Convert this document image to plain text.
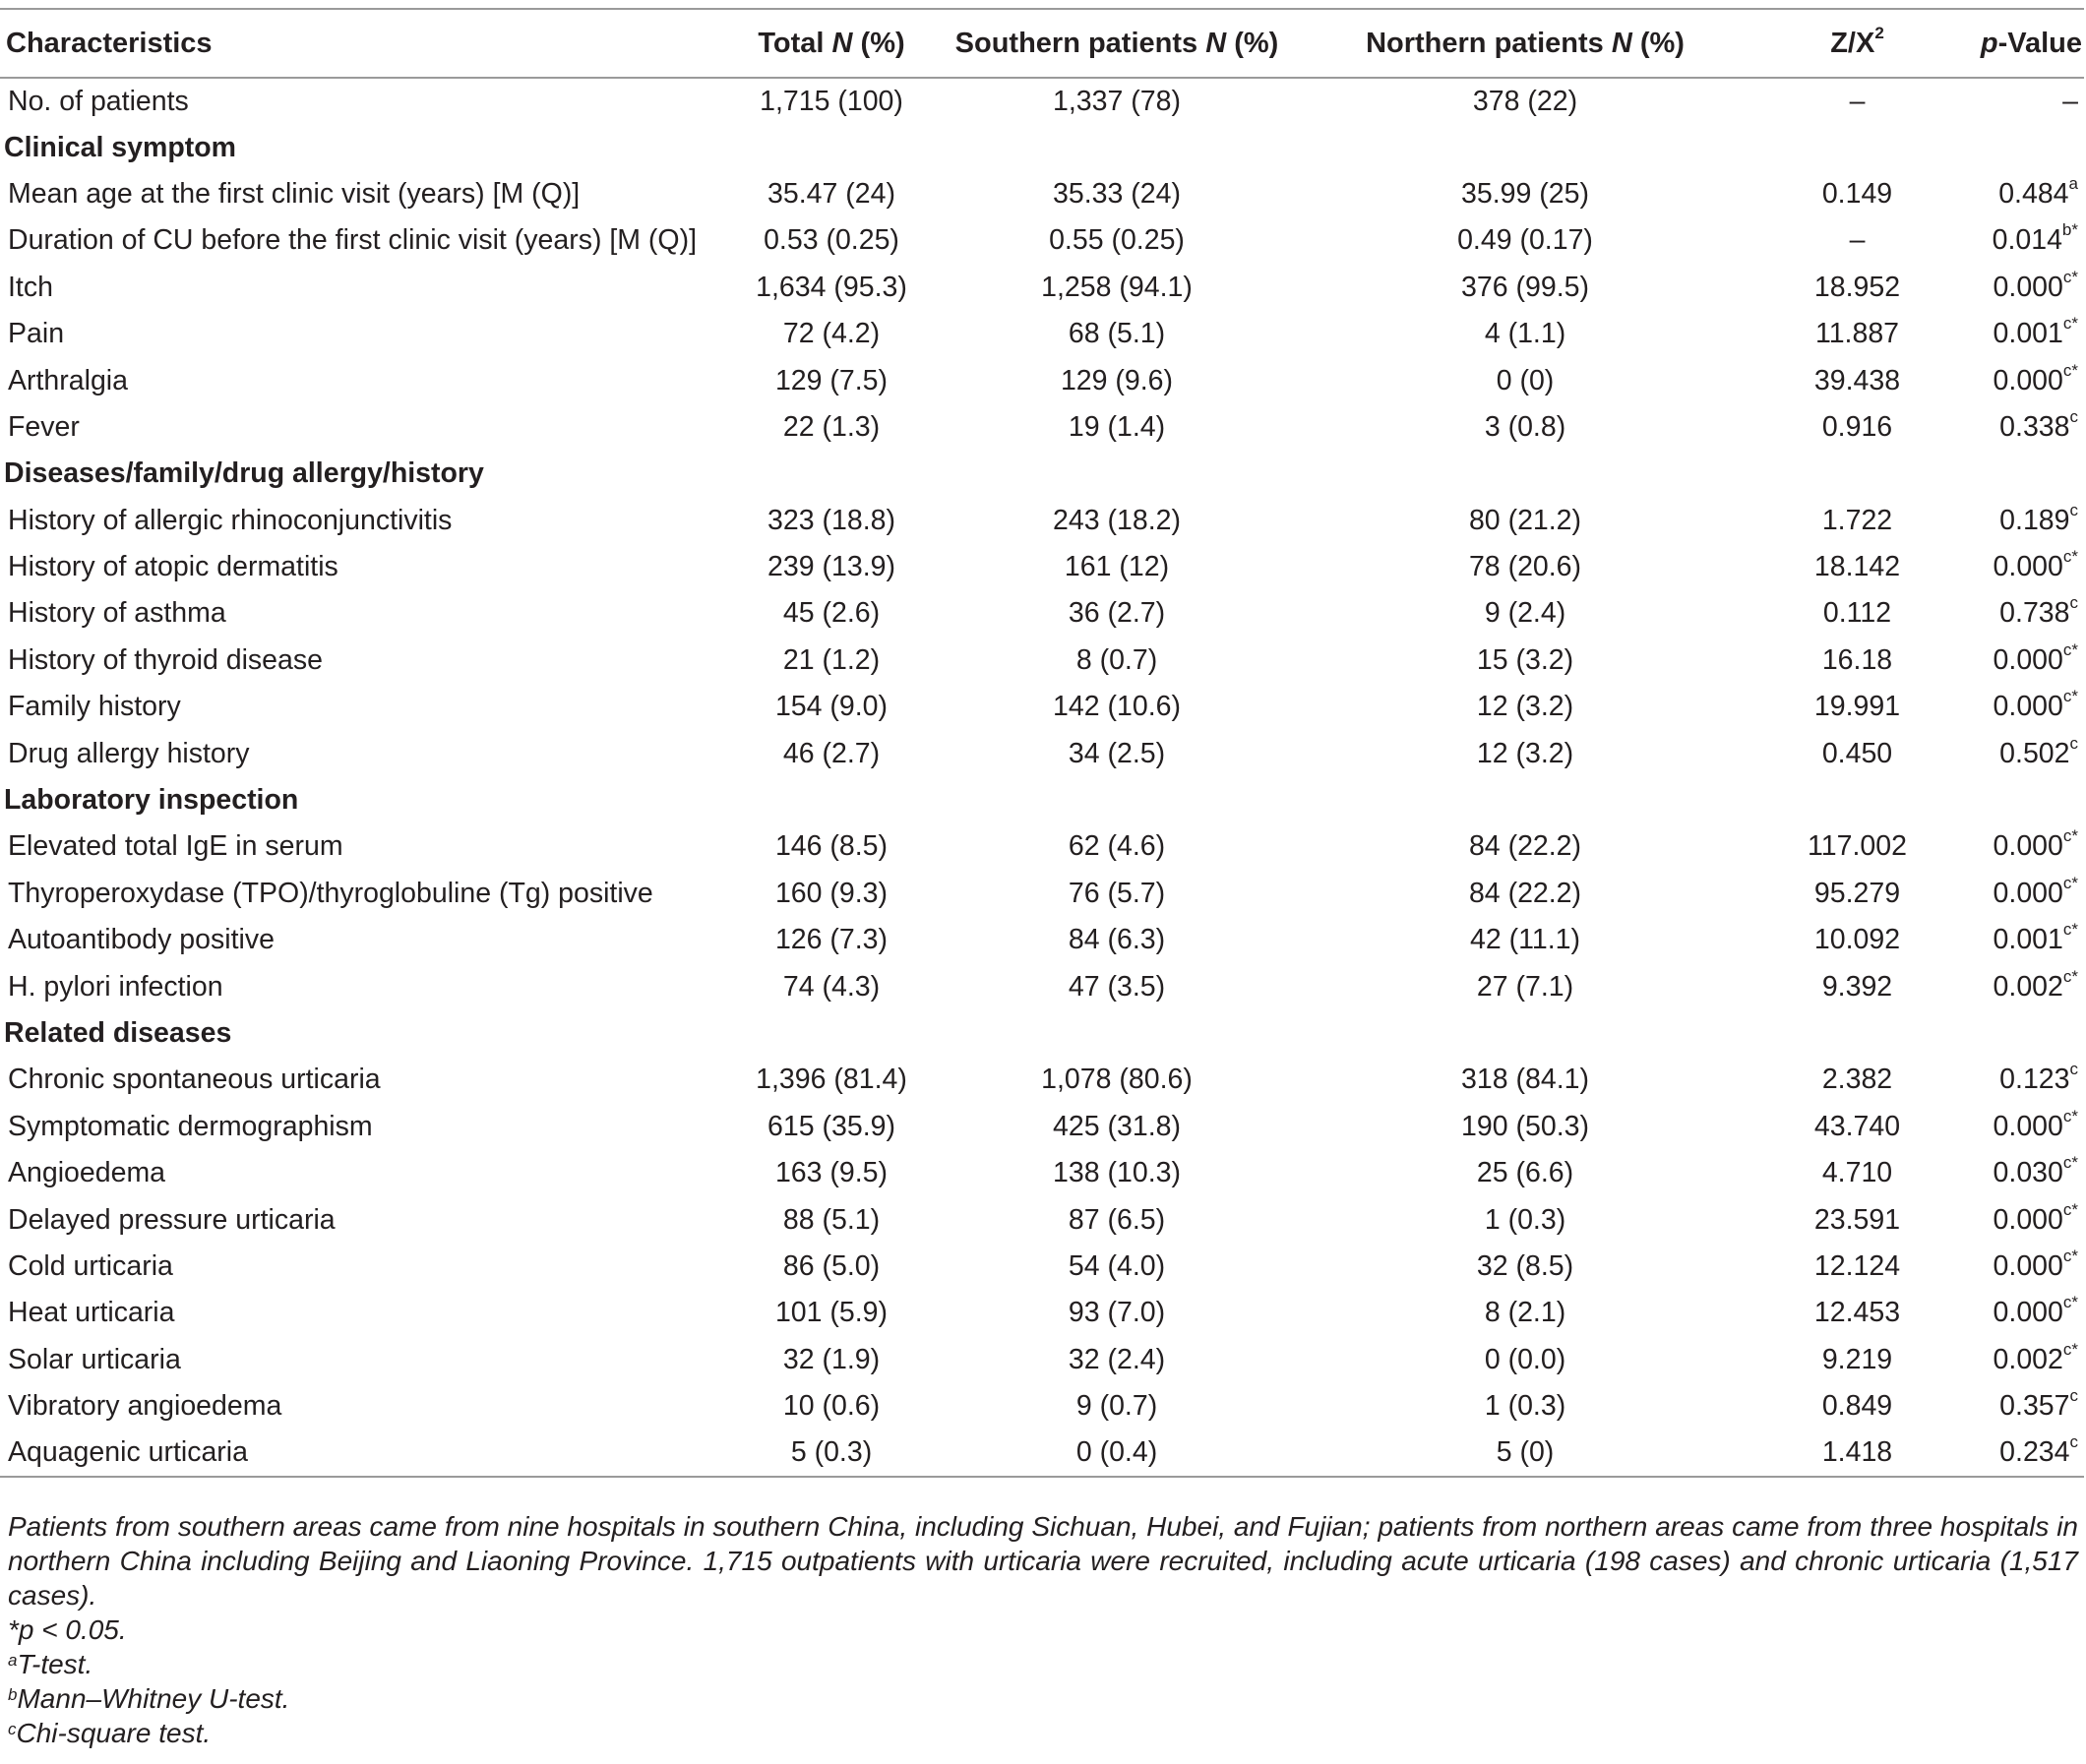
Characteristics	Total N (%)	Southern patients N (%)	Northern patients N (%)	$Z/X^2$	p-Value
No. of patients	1,715 (100)	1,337 (78)	378 (22)	–	–
Clinical symptom					
Mean age at the first clinic visit (years) [M (Q)]	35.47 (24)	35.33 (24)	35.99 (25)	0.149	0.484$^a$
Duration of CU before the first clinic visit (years) [M (Q)]	0.53 (0.25)	0.55 (0.25)	0.49 (0.17)	–	$0.014^{b*}$
Itch	1,634 (95.3)	1,258 (94.1)	376 (99.5)	18.952	$0.000^{c*}$
Pain	72 (4.2)	68 (5.1)	4 (1.1)	11.887	$0.001^{c*}$
Arthralgia	129 (7.5)	129 (9.6)	0 (0)	39.438	$0.000^{c*}$
Fever	22 (1.3)	19 (1.4)	3 (0.8)	0.916	0.338$^c$
Diseases/family/drug allergy/history					
History of allergic rhinoconjunctivitis	323 (18.8)	243 (18.2)	80 (21.2)	1.722	0.189$^c$
History of atopic dermatitis	239 (13.9)	161 (12)	78 (20.6)	18.142	$0.000^{c*}$
History of asthma	45 (2.6)	36 (2.7)	9 (2.4)	0.112	0.738$^c$
History of thyroid disease	21 (1.2)	8 (0.7)	15 (3.2)	16.18	$0.000^{c*}$
Family history	154 (9.0)	142 (10.6)	12 (3.2)	19.991	$0.000^{c*}$
Drug allergy history	46 (2.7)	34 (2.5)	12 (3.2)	0.450	0.502$^c$
Laboratory inspection					
Elevated total IgE in serum	146 (8.5)	62 (4.6)	84 (22.2)	117.002	$0.000^{c*}$
Thyroperoxydase (TPO)/thyroglobuline (Tg) positive	160 (9.3)	76 (5.7)	84 (22.2)	95.279	$0.000^{c*}$
Autoantibody positive	126 (7.3)	84 (6.3)	42 (11.1)	10.092	$0.001^{c*}$
H. pylori infection	74 (4.3)	47 (3.5)	27 (7.1)	9.392	$0.002^{c*}$
Related diseases					
Chronic spontaneous urticaria	1,396 (81.4)	1,078 (80.6)	318 (84.1)	2.382	0.123$^c$
Symptomatic dermographism	615 (35.9)	425 (31.8)	190 (50.3)	43.740	$0.000^{c*}$
Angioedema	163 (9.5)	138 (10.3)	25 (6.6)	4.710	$0.030^{c*}$
Delayed pressure urticaria	88 (5.1)	87 (6.5)	1 (0.3)	23.591	$0.000^{c*}$
Cold urticaria	86 (5.0)	54 (4.0)	32 (8.5)	12.124	$0.000^{c*}$
Heat urticaria	101 (5.9)	93 (7.0)	8 (2.1)	12.453	$0.000^{c*}$
Solar urticaria	32 (1.9)	32 (2.4)	0 (0.0)	9.219	$0.002^{c*}$
Vibratory angioedema	10 (0.6)	9 (0.7)	1 (0.3)	0.849	0.357$^c$
Aquagenic urticaria	5 (0.3)	0 (0.4)	5 (0)	1.418	0.234$^c$

Patients from southern areas came from nine hospitals in southern China, including Sichuan, Hubei, and Fujian; patients from northern areas came from three hospitals in northern China including Beijing and Liaoning Province. 1,715 outpatients with urticaria were recruited, including acute urticaria (198 cases) and chronic urticaria (1,517 cases).

*p < 0.05.

$^a$T-test.

$^b$Mann–Whitney U-test.

$^c$Chi-square test.
